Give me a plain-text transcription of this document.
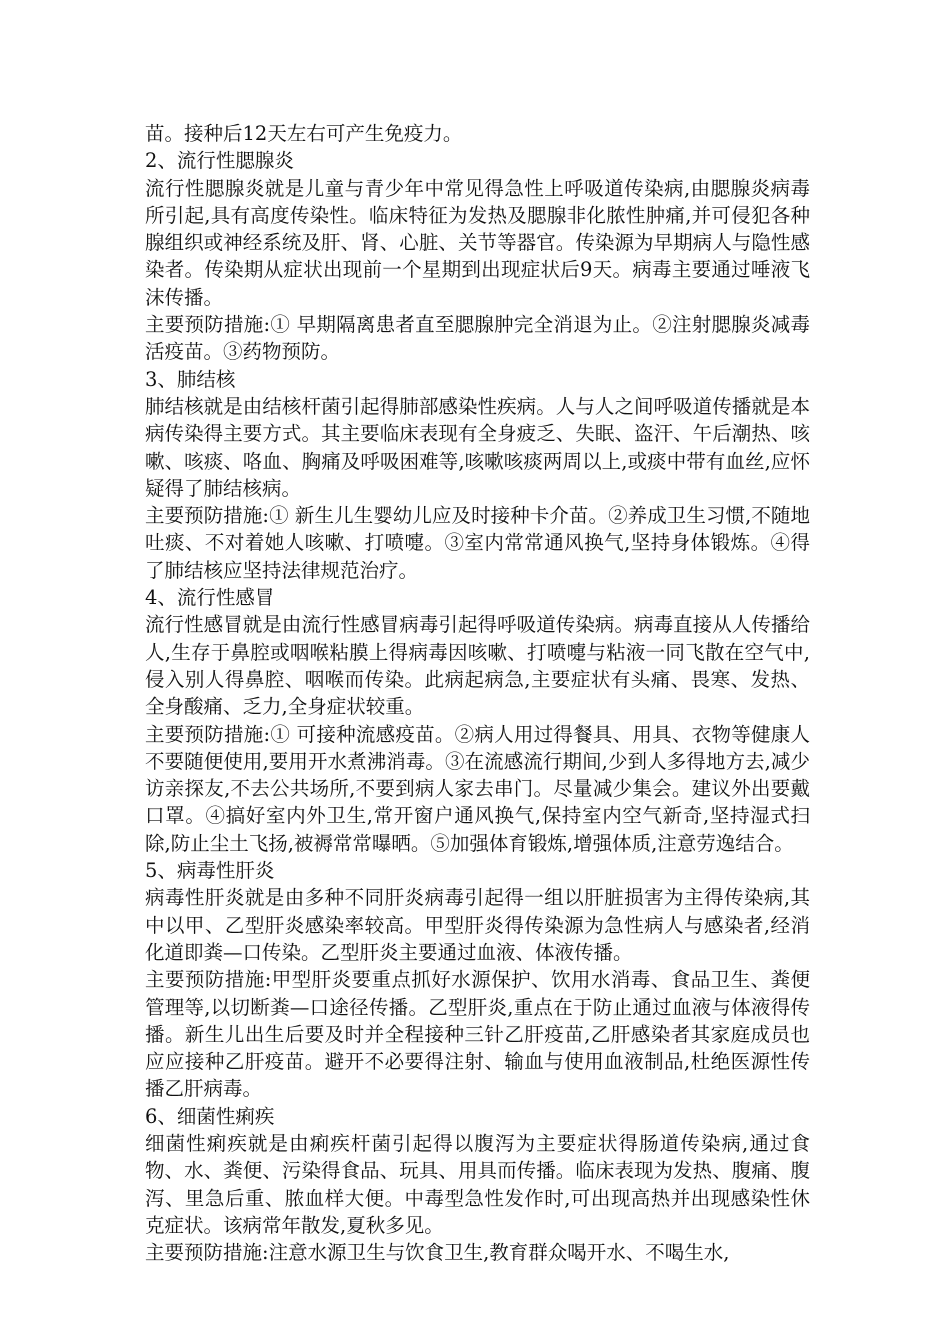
苗。接种后12天左右可产生免疫力。

2、流行性腮腺炎

流行性腮腺炎就是儿童与青少年中常见得急性上呼吸道传染病,由腮腺炎病毒所引起,具有高度传染性。临床特征为发热及腮腺非化脓性肿痛,并可侵犯各种腺组织或神经系统及肝、肾、心脏、关节等器官。传染源为早期病人与隐性感染者。传染期从症状出现前一个星期到出现症状后9天。病毒主要通过唾液飞沫传播。

主要预防措施:① 早期隔离患者直至腮腺肿完全消退为止。②注射腮腺炎减毒活疫苗。③药物预防。

3、肺结核

肺结核就是由结核杆菌引起得肺部感染性疾病。人与人之间呼吸道传播就是本病传染得主要方式。其主要临床表现有全身疲乏、失眠、盗汗、午后潮热、咳嗽、咳痰、咯血、胸痛及呼吸困难等,咳嗽咳痰两周以上,或痰中带有血丝,应怀疑得了肺结核病。

主要预防措施:① 新生儿生婴幼儿应及时接种卡介苗。②养成卫生习惯,不随地吐痰、不对着她人咳嗽、打喷嚏。③室内常常通风换气,坚持身体锻炼。④得了肺结核应坚持法律规范治疗。

4、流行性感冒

流行性感冒就是由流行性感冒病毒引起得呼吸道传染病。病毒直接从人传播给人,生存于鼻腔或咽喉粘膜上得病毒因咳嗽、打喷嚏与粘液一同飞散在空气中,侵入别人得鼻腔、咽喉而传染。此病起病急,主要症状有头痛、畏寒、发热、全身酸痛、乏力,全身症状较重。

主要预防措施:① 可接种流感疫苗。②病人用过得餐具、用具、衣物等健康人不要随便使用,要用开水煮沸消毒。③在流感流行期间,少到人多得地方去,减少访亲探友,不去公共场所,不要到病人家去串门。尽量减少集会。建议外出要戴口罩。④搞好室内外卫生,常开窗户通风换气,保持室内空气新奇,坚持湿式扫除,防止尘土飞扬,被褥常常曝晒。⑤加强体育锻炼,增强体质,注意劳逸结合。

5、病毒性肝炎

病毒性肝炎就是由多种不同肝炎病毒引起得一组以肝脏损害为主得传染病,其中以甲、乙型肝炎感染率较高。甲型肝炎得传染源为急性病人与感染者,经消化道即粪—口传染。乙型肝炎主要通过血液、体液传播。

主要预防措施:甲型肝炎要重点抓好水源保护、饮用水消毒、食品卫生、粪便管理等,以切断粪—口途径传播。乙型肝炎,重点在于防止通过血液与体液得传播。新生儿出生后要及时并全程接种三针乙肝疫苗,乙肝感染者其家庭成员也应应接种乙肝疫苗。避开不必要得注射、输血与使用血液制品,杜绝医源性传播乙肝病毒。

6、细菌性痢疾

细菌性痢疾就是由痢疾杆菌引起得以腹泻为主要症状得肠道传染病,通过食物、水、粪便、污染得食品、玩具、用具而传播。临床表现为发热、腹痛、腹泻、里急后重、脓血样大便。中毒型急性发作时,可出现高热并出现感染性休克症状。该病常年散发,夏秋多见。

主要预防措施:注意水源卫生与饮食卫生,教育群众喝开水、不喝生水,
